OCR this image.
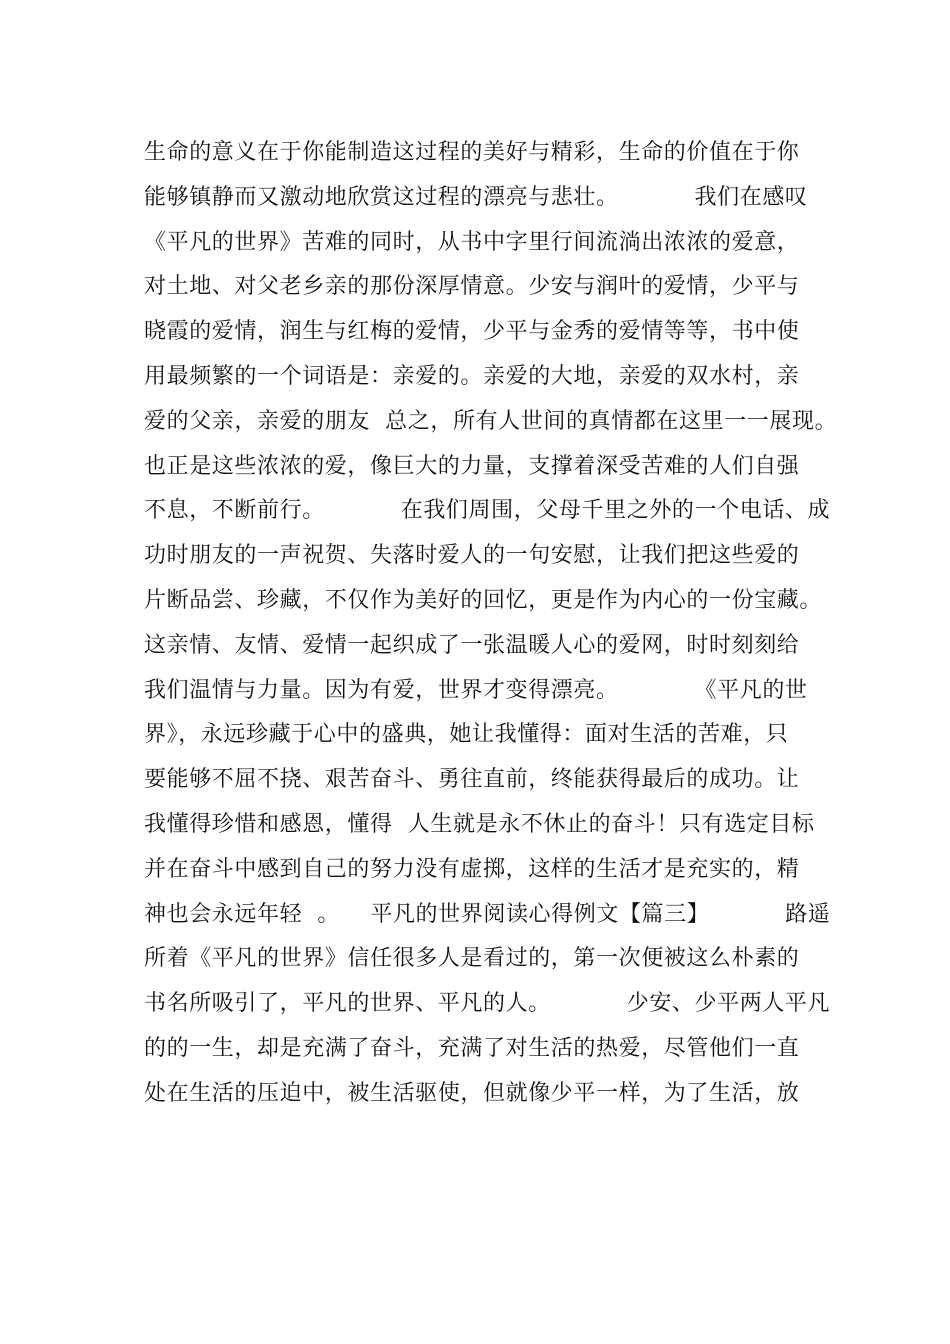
生命的意义在于你能制造这过程的美好与精彩，生命的价值在于你
能够镇静而又激动地欣赏这过程的漂亮与悲壮。          我们在感叹
《平凡的世界》苦难的同时，从书中字里行间流淌出浓浓的爱意，
对土地、对父老乡亲的那份深厚情意。少安与润叶的爱情，少平与
晓霞的爱情，润生与红梅的爱情，少平与金秀的爱情等等，书中使
用最频繁的一个词语是：亲爱的。亲爱的大地，亲爱的双水村，亲
爱的父亲，亲爱的朋友  总之，所有人世间的真情都在这里一一展现。
也正是这些浓浓的爱，像巨大的力量，支撑着深受苦难的人们自强
不息，不断前行。          在我们周围，父母千里之外的一个电话、成
功时朋友的一声祝贺、失落时爱人的一句安慰，让我们把这些爱的
片断品尝、珍藏，不仅作为美好的回忆，更是作为内心的一份宝藏。
这亲情、友情、爱情一起织成了一张温暖人心的爱网，时时刻刻给
我们温情与力量。因为有爱，世界才变得漂亮。          《平凡的世
界》，永远珍藏于心中的盛典，她让我懂得：面对生活的苦难，只
要能够不屈不挠、艰苦奋斗、勇往直前，终能获得最后的成功。让
我懂得珍惜和感恩，懂得  人生就是永不休止的奋斗！只有选定目标
并在奋斗中感到自己的努力没有虚掷，这样的生活才是充实的，精
神也会永远年轻  。    平凡的世界阅读心得例文【篇三】          路遥
所着《平凡的世界》信任很多人是看过的，第一次便被这么朴素的
书名所吸引了，平凡的世界、平凡的人。          少安、少平两人平凡
的的一生，却是充满了奋斗，充满了对生活的热爱，尽管他们一直
处在生活的压迫中，被生活驱使，但就像少平一样，为了生活，放
